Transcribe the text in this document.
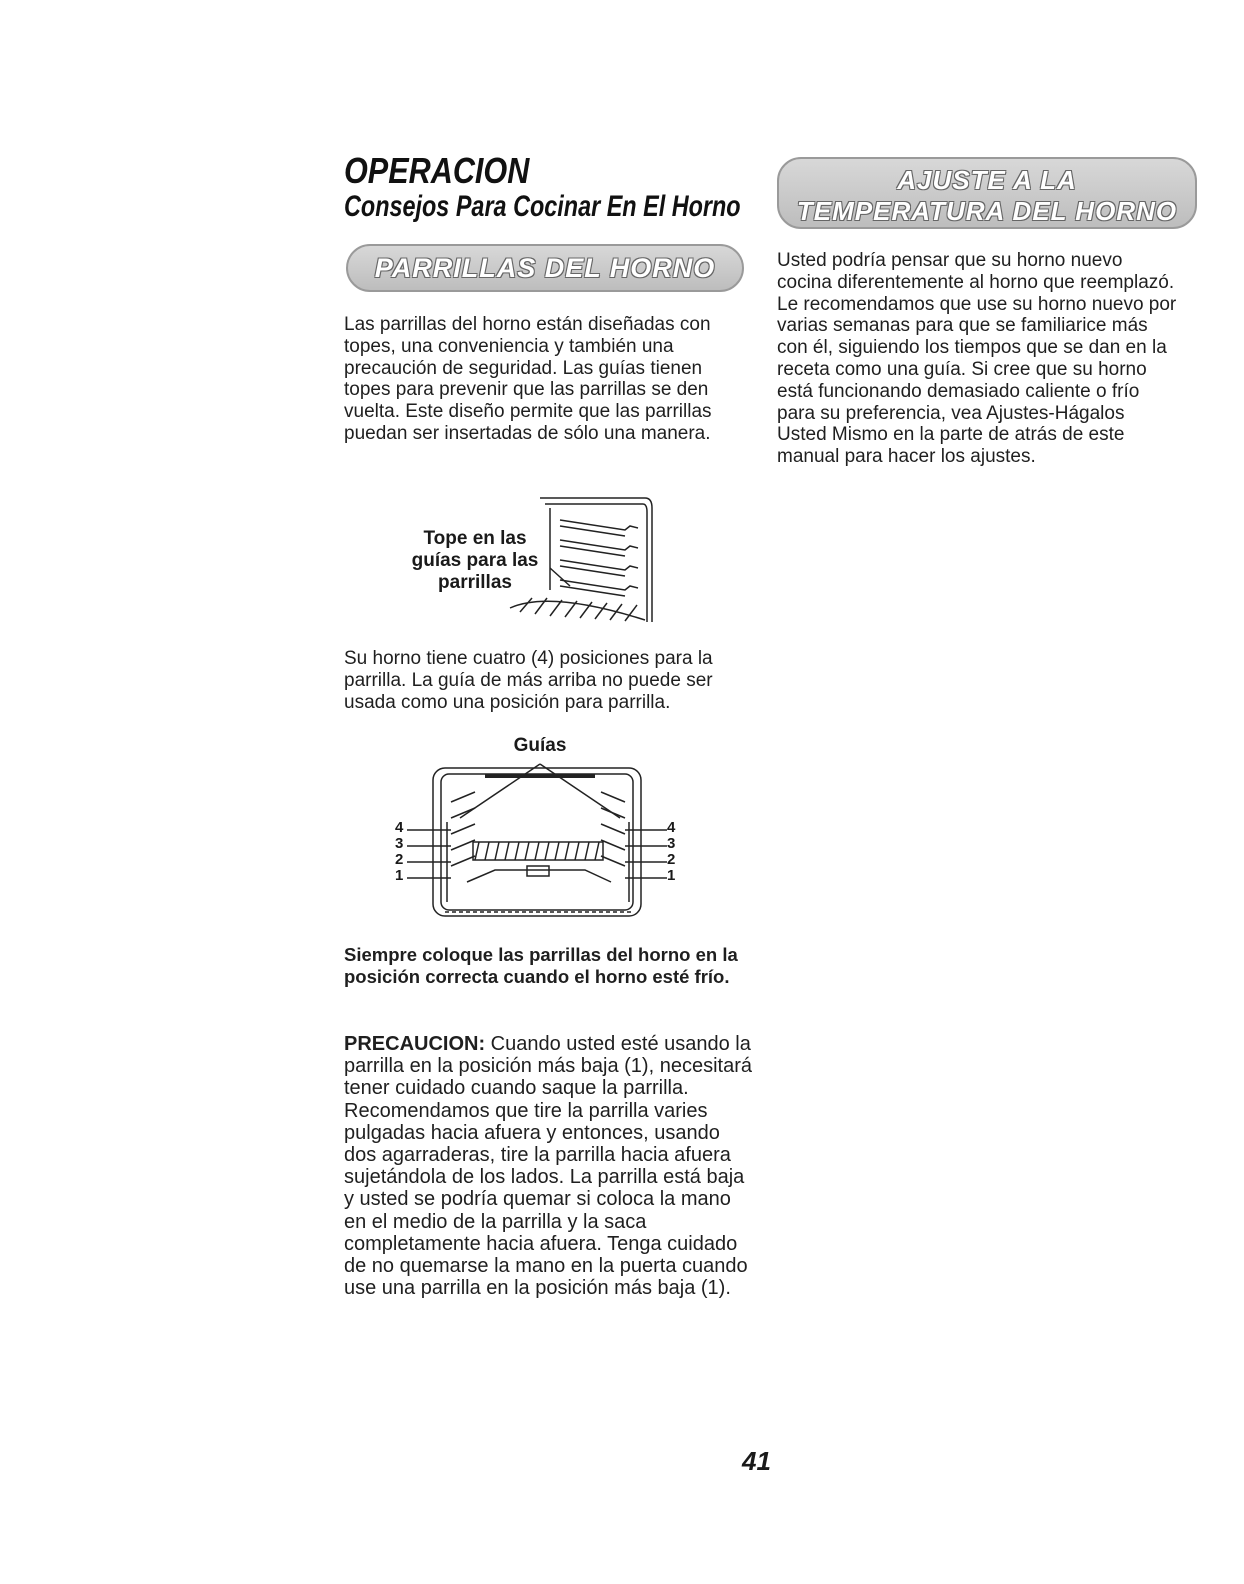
OPERACION
Consejos Para Cocinar En El Horno
PARRILLAS DEL HORNO
Las parrillas del horno están diseñadas con topes, una conveniencia y también una precaución de seguridad. Las guías tienen topes para prevenir que las parrillas se den vuelta. Este diseño permite que las parrillas puedan ser insertadas de sólo una manera.
Tope en las
guías para las
parrillas
Su horno tiene cuatro (4) posiciones para la parrilla. La guía de más arriba no puede ser usada como una posición para parrilla.
Guías
4
3
2
1
4
3
2
1
Siempre coloque las parrillas del horno en la posición correcta cuando el horno esté frío.
PRECAUCION: Cuando usted esté usando la parrilla en la posición más baja (1), necesitará tener cuidado cuando saque la parrilla. Recomendamos que tire la parrilla varies pulgadas hacia afuera y entonces, usando dos agarraderas, tire la parrilla hacia afuera sujetándola de los lados. La parrilla está baja y usted se podría quemar si coloca la mano en el medio de la parrilla y la saca completamente hacia afuera. Tenga cuidado de no quemarse la mano en la puerta cuando use una parrilla en la posición más baja (1).
AJUSTE A LA
TEMPERATURA DEL HORNO
Usted podría pensar que su horno nuevo cocina diferentemente al horno que reemplazó. Le recomendamos que use su horno nuevo por varias semanas para que se familiarice más con él, siguiendo los tiempos que se dan en la receta como una guía. Si cree que su horno está funcionando demasiado caliente o frío para su preferencia, vea Ajustes-Hágalos Usted Mismo en la parte de atrás de este manual para hacer los ajustes.
41
